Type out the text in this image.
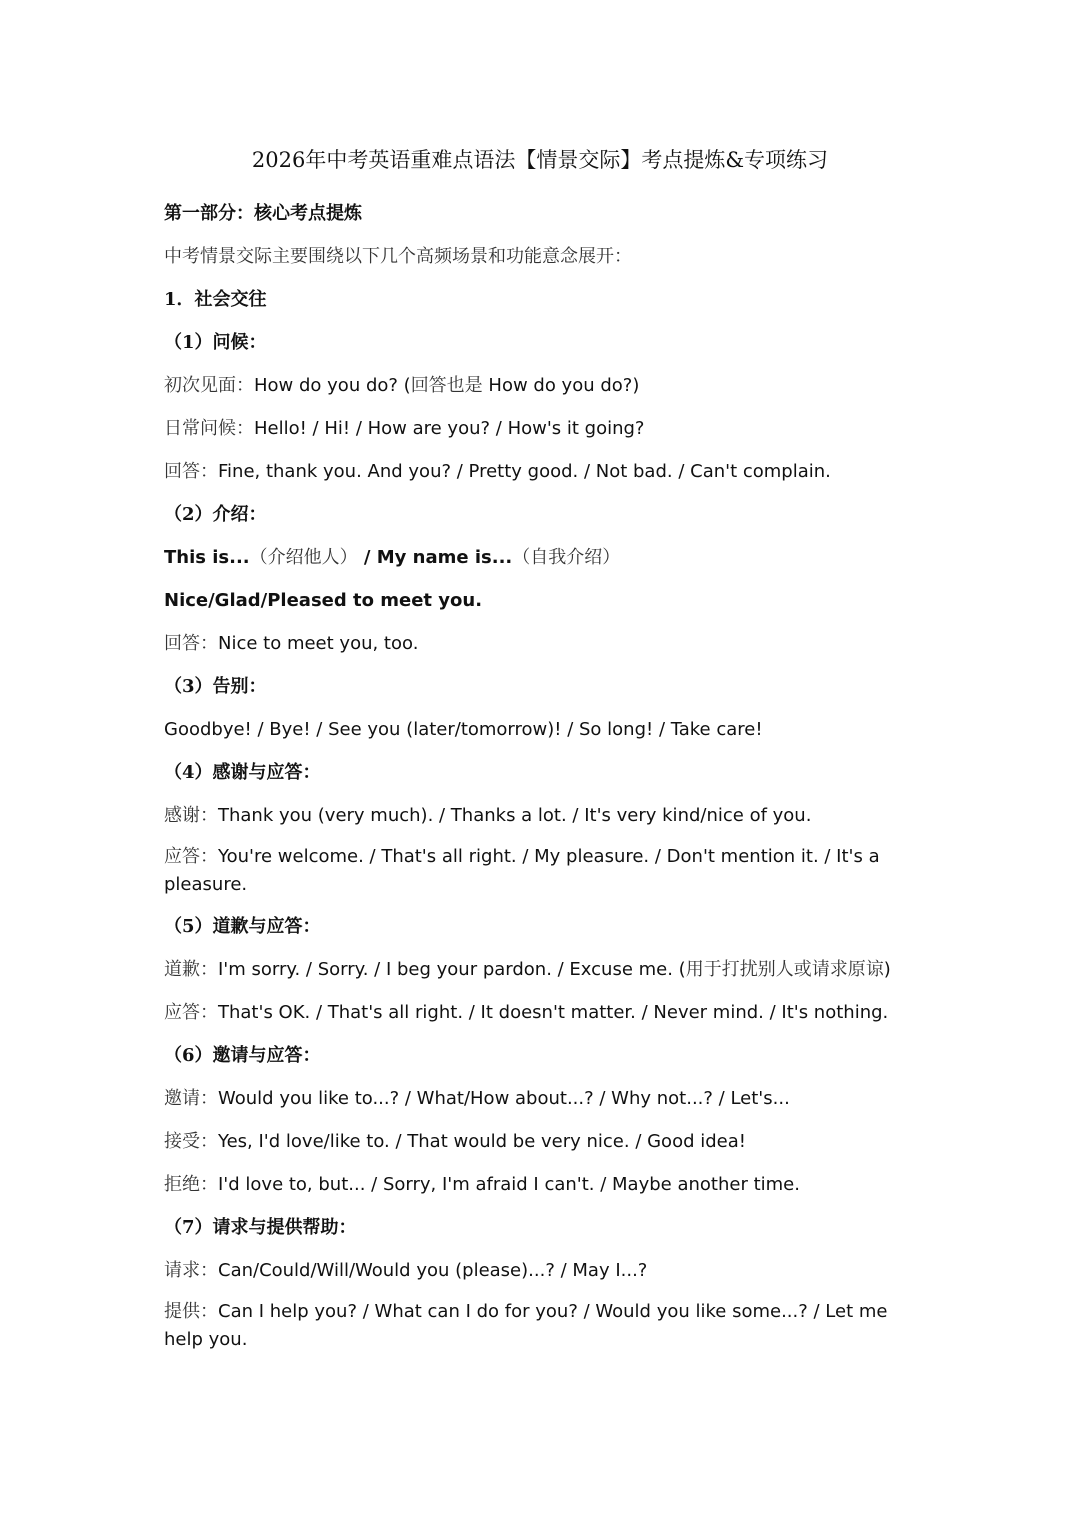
2026年中考英语重难点语法【情景交际】考点提炼&专项练习

第一部分：核心考点提炼

中考情景交际主要围绕以下几个高频场景和功能意念展开：

1．社会交往

（1）问候：

初次见面：How do you do? (回答也是 How do you do?)

日常问候：Hello! / Hi! / How are you? / How's it going?

回答：Fine, thank you. And you? / Pretty good. / Not bad. / Can't complain.

（2）介绍：

This is...（介绍他人） / My name is...（自我介绍）

Nice/Glad/Pleased to meet you.

回答：Nice to meet you, too.

（3）告别：

Goodbye! / Bye! / See you (later/tomorrow)! / So long! / Take care!

（4）感谢与应答：

感谢：Thank you (very much). / Thanks a lot. / It's very kind/nice of you.

应答：You're welcome. / That's all right. / My pleasure. / Don't mention it. / It's a pleasure.

（5）道歉与应答：

道歉：I'm sorry. / Sorry. / I beg your pardon. / Excuse me. (用于打扰别人或请求原谅)

应答：That's OK. / That's all right. / It doesn't matter. / Never mind. / It's nothing.

（6）邀请与应答：

邀请：Would you like to...? / What/How about...? / Why not...? / Let's...

接受：Yes, I'd love/like to. / That would be very nice. / Good idea!

拒绝：I'd love to, but... / Sorry, I'm afraid I can't. / Maybe another time.

（7）请求与提供帮助：

请求：Can/Could/Will/Would you (please)...? / May I...?

提供：Can I help you? / What can I do for you? / Would you like some...? / Let me help you.
